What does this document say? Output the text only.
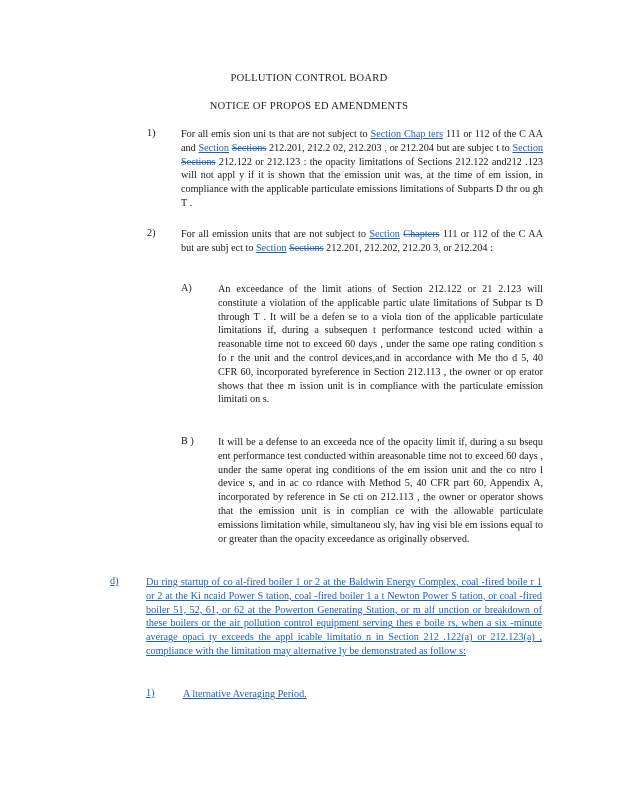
POLLUTION CONTROL BOARD
NOTICE OF PROPOS ED AMENDMENTS
1)	For all emis sion uni ts that are not subject to Section Chap ters 111 or 112 of the C AA and Section Sections 212.201, 212.2 02, 212.203 , or 212.204 but are subjec t to Section Sections 212.122 or 212.123 : the opacity limitations of Sections 212.122 and212 .123 will not appl y if it is shown that the emission unit was, at the time of em ission, in compliance with the applicable particulate emissions limitations of Subparts D thr ou gh T .
2)	For all emission units that are not subject to Section Chapters 111 or 112 of the C AA but are subj ect to Section Sections 212.201, 212.202, 212.20 3, or 212.204 :
A)	An exceedance of the limit ations of Section 212.122 or 21 2.123 will constitute a violation of the applicable partic ulate limitations of Subpar ts D through T . It will be a defen se to a viola tion of the applicable particulate limitations if, during a subsequen t performance testcond ucted within a reasonable time not to exceed 60 days , under the same ope rating condition s fo r the unit and the control devices,and in accordance with Me tho d 5, 40 CFR 60, incorporated byreference in Section 212.113 , the owner or op erator shows that thee m ission unit is in compliance with the particulate emission limitati on s.
B ) It will be a defense to an exceeda nce of the opacity limit if, during a su bsequ ent performance test conducted within areasonable time not to exceed 60 days , under the same operat ing conditions of the em ission unit and the co ntro l device s, and in ac co rdance with Method 5, 40 CFR part 60, Appendix A, incorporated by reference in Se cti on 212.113 , the owner or operator shows that the emission unit is in complian ce with the allowable particulate emissions limitation while, simultaneou sly, hav ing visi ble em issions equal to or greater than the opacity exceedance as originally observed.
d)	Du ring startup of co al-fired boiler 1 or 2 at the Baldwin Energy Complex, coal -fired boile r 1 or 2 at the Ki ncaid Power S tation, coal -fired boiler 1 a t Newton Power S tation, or coal -fired boiler 51, 52, 61, or 62 at the Powerton Generating Station, or m alf unction or breakdown of these boilers or the air pollution control equipment serving thes e boile rs, when a six -minute average opaci ty exceeds the appl icable limitatio n in Section 212 .122(a) or 212.123(a) , compliance with the limitation may alternative ly be demonstrated as follow s:
1)	A lternative Averaging Period.
